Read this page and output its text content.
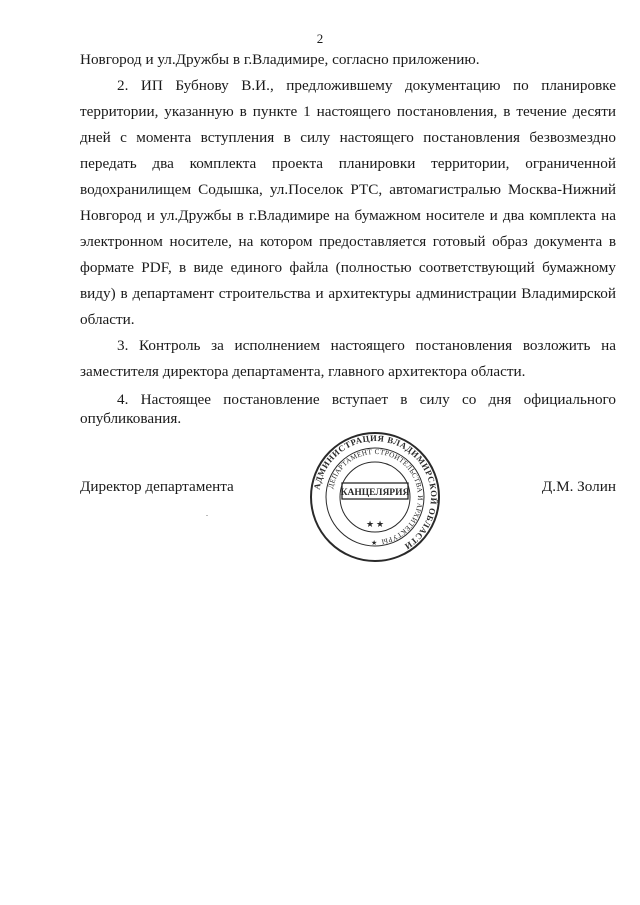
2

Новгород и ул.Дружбы в г.Владимире, согласно приложению.

2. ИП Бубнову В.И., предложившему документацию по планировке территории, указанную в пункте 1 настоящего постановления, в течение десяти дней с момента вступления в силу настоящего постановления безвозмездно передать два комплекта проекта планировки территории, ограниченной водохранилищем Содышка, ул.Поселок РТС, автомагистралью Москва-Нижний Новгород и ул.Дружбы в г.Владимире на бумажном носителе и два комплекта на электронном носителе, на котором предоставляется готовый образ документа в формате PDF, в виде единого файла (полностью соответствующий бумажному виду) в департамент строительства и архитектуры администрации Владимирской области.

3. Контроль за исполнением настоящего постановления возложить на заместителя директора департамента, главного архитектора области.

4. Настоящее постановление вступает в силу со дня официального опубликования.

Директор департамента	Д.М. Золин
АДМИНИСТРАЦИЯ ВЛАДИМИРСКОЙ ОБЛАСТИ
ДЕПАРТАМЕНТ СТРОИТЕЛЬСТВА И АРХИТЕКТУРЫ
КАНЦЕЛЯРИЯ
★ ★
★
